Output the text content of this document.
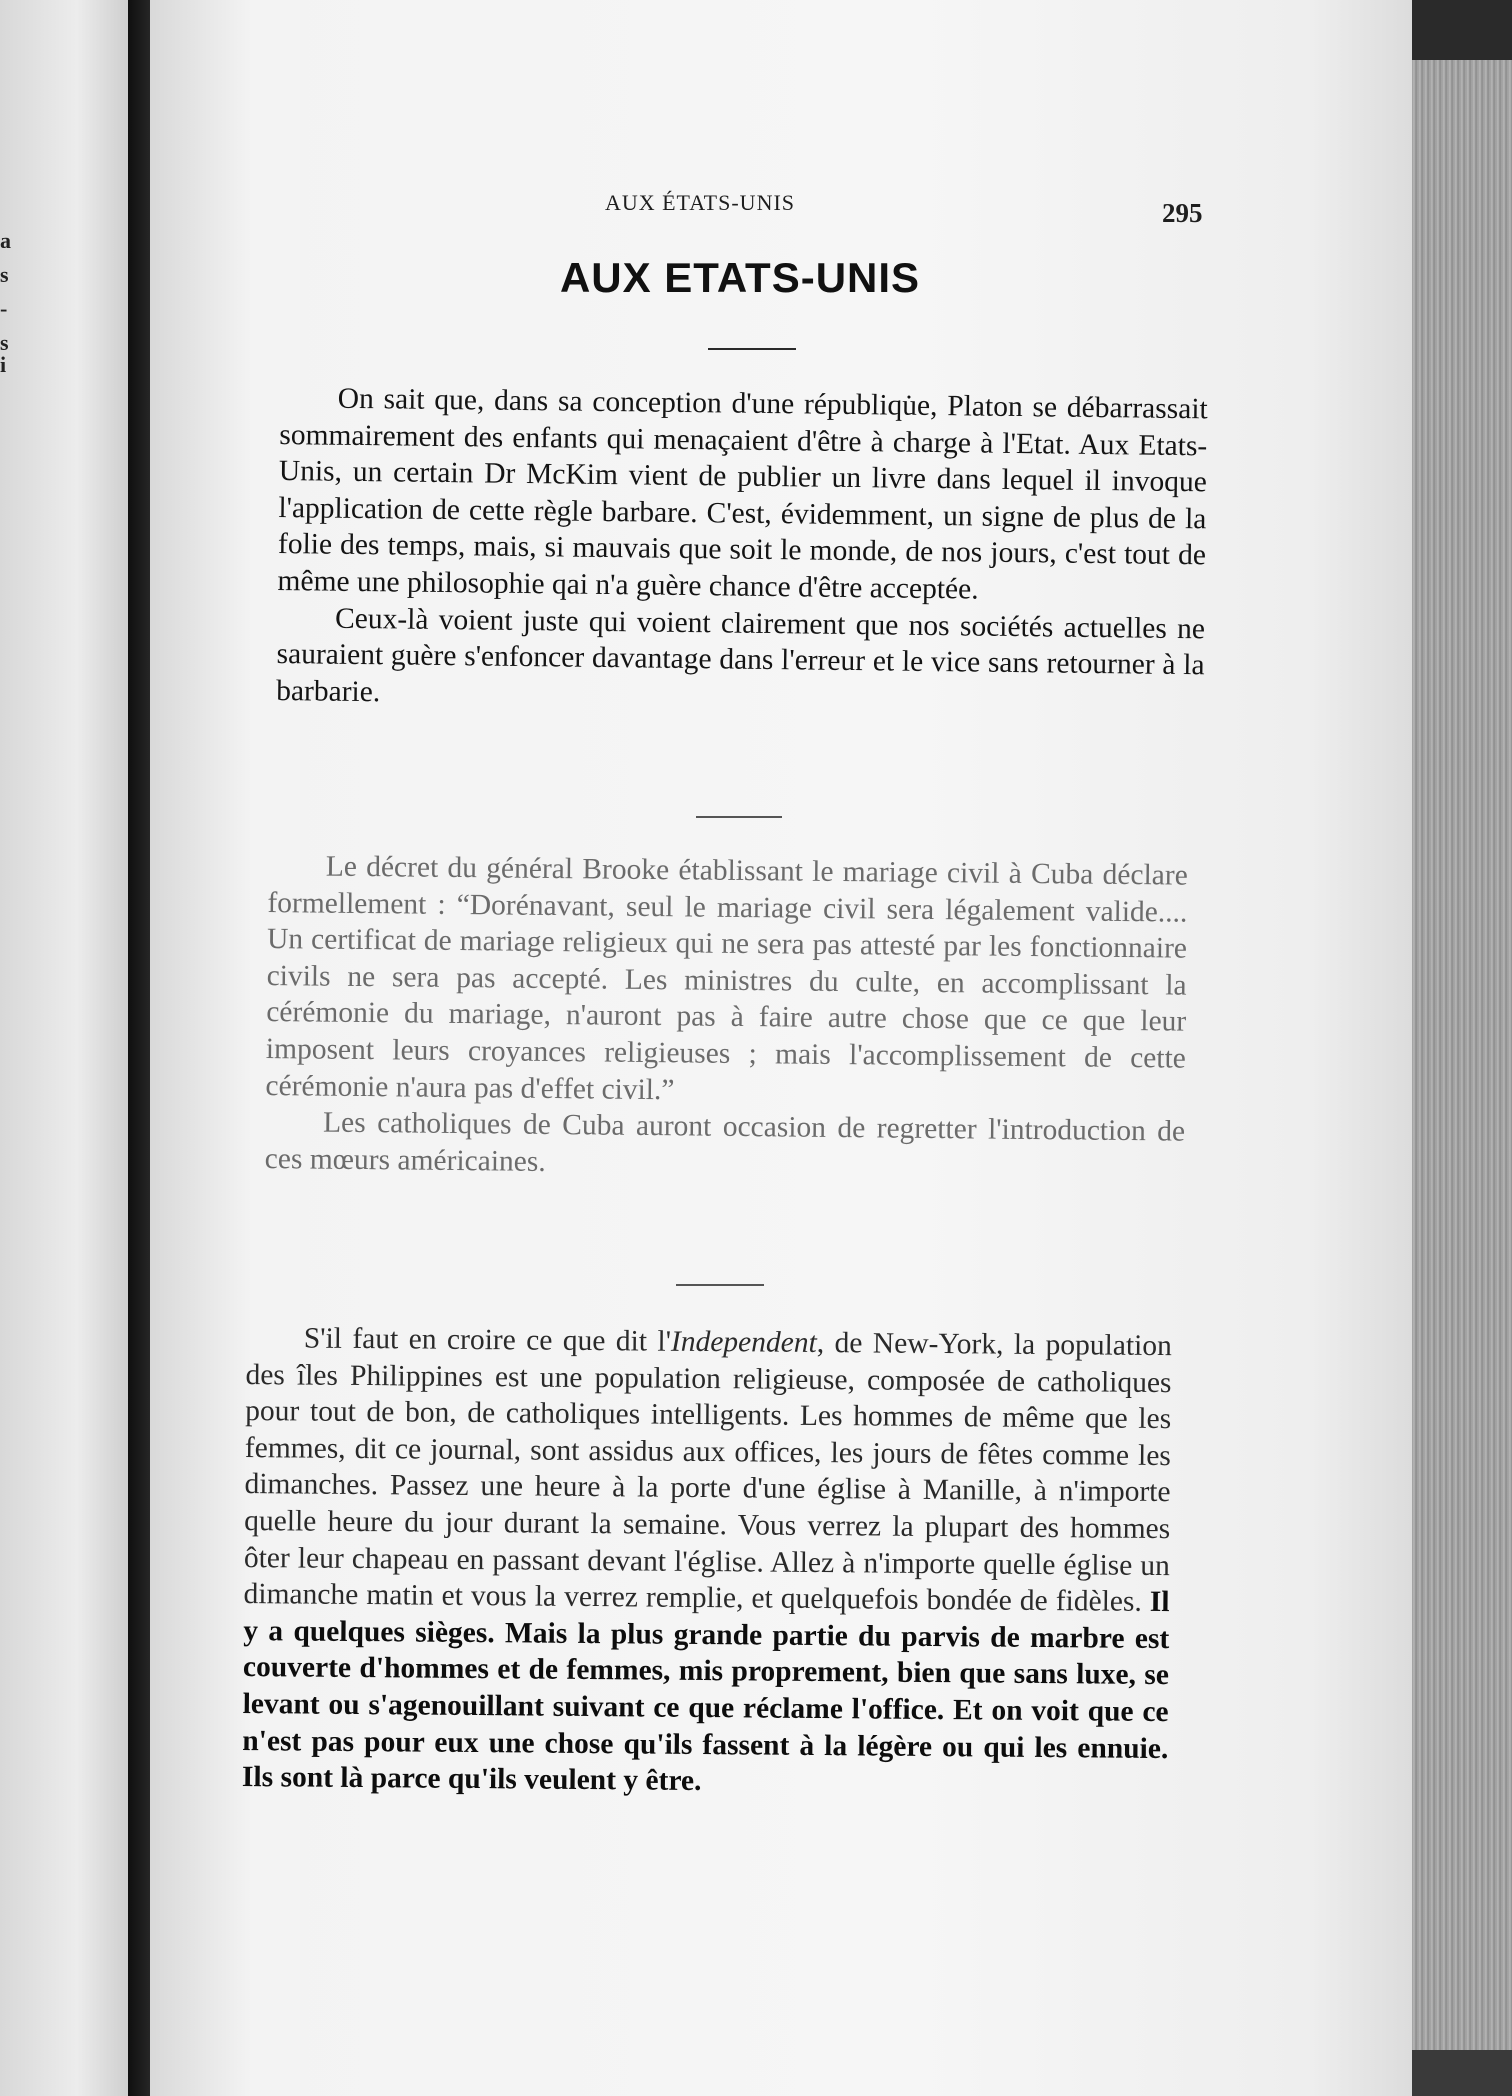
a
s
-
s
i
AUX ÉTATS-UNIS	295
AUX ETATS-UNIS

On sait que, dans sa conception d'une républiqu̇e, Platon se débarrassait sommairement des enfants qui menaçaient d'être à charge à l'Etat. Aux Etats-Unis, un certain Dr McKim vient de publier un livre dans lequel il invoque l'application de cette règle barbare. C'est, évidemment, un signe de plus de la folie des temps, mais, si mauvais que soit le monde, de nos jours, c'est tout de même une philosophie qai n'a guère chance d'être acceptée.

Ceux-là voient juste qui voient clairement que nos sociétés actuelles ne sauraient guère s'enfoncer davantage dans l'erreur et le vice sans retourner à la barbarie.

Le décret du général Brooke établissant le mariage civil à Cuba déclare formellement : “Dorénavant, seul le mariage civil sera légalement valide.... Un certificat de mariage religieux qui ne sera pas attesté par les fonctionnaire civils ne sera pas accepté. Les ministres du culte, en accomplissant la cérémonie du mariage, n'auront pas à faire autre chose que ce que leur imposent leurs croyances religieuses ; mais l'accomplissement de cette cérémonie n'aura pas d'effet civil.”

Les catholiques de Cuba auront occasion de regretter l'introduction de ces mœurs américaines.

S'il faut en croire ce que dit l'Independent, de New-York, la population des îles Philippines est une population religieuse, composée de catholiques pour tout de bon, de catholiques intelligents. Les hommes de même que les femmes, dit ce journal, sont assidus aux offices, les jours de fêtes comme les dimanches. Passez une heure à la porte d'une église à Manille, à n'importe quelle heure du jour durant la semaine. Vous verrez la plupart des hommes ôter leur chapeau en passant devant l'église. Allez à n'importe quelle église un dimanche matin et vous la verrez remplie, et quelquefois bondée de fidèles. Il y a quelques sièges. Mais la plus grande partie du parvis de marbre est couverte d'hommes et de femmes, mis proprement, bien que sans luxe, se levant ou s'agenouillant suivant ce que réclame l'office. Et on voit que ce n'est pas pour eux une chose qu'ils fassent à la légère ou qui les ennuie. Ils sont là parce qu'ils veulent y être.
